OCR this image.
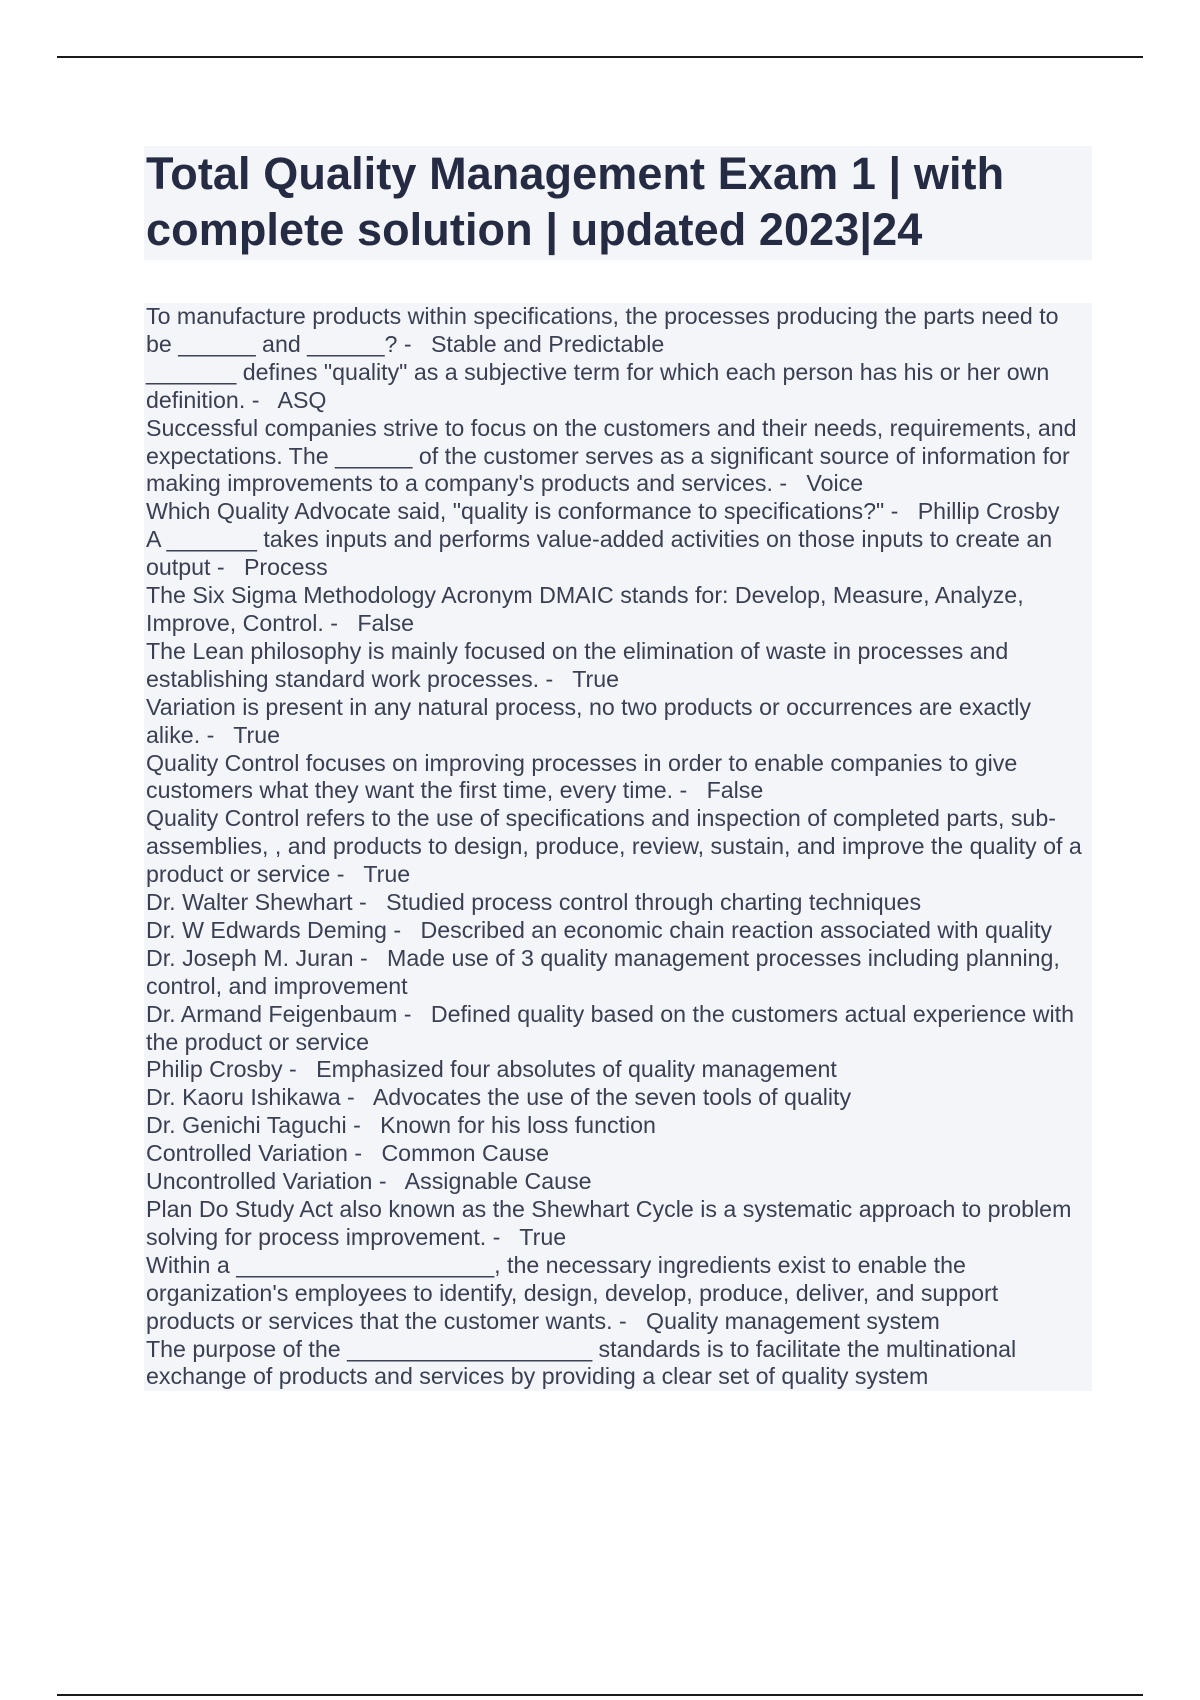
Total Quality Management Exam 1 | with complete solution | updated 2023|24

To manufacture products within specifications, the processes producing the parts need to be ______ and ______? -   Stable and Predictable

_______ defines "quality" as a subjective term for which each person has his or her own definition. -   ASQ

Successful companies strive to focus on the customers and their needs, requirements, and expectations. The ______ of the customer serves as a significant source of information for making improvements to a company's products and services. -   Voice

Which Quality Advocate said, "quality is conformance to specifications?" -   Phillip Crosby

A _______ takes inputs and performs value-added activities on those inputs to create an output -   Process

The Six Sigma Methodology Acronym DMAIC stands for: Develop, Measure, Analyze, Improve, Control. -   False

The Lean philosophy is mainly focused on the elimination of waste in processes and establishing standard work processes. -   True

Variation is present in any natural process, no two products or occurrences are exactly alike. -   True

Quality Control focuses on improving processes in order to enable companies to give customers what they want the first time, every time. -   False

Quality Control refers to the use of specifications and inspection of completed parts, sub-assemblies, , and products to design, produce, review, sustain, and improve the quality of a product or service -   True

Dr. Walter Shewhart -   Studied process control through charting techniques

Dr. W Edwards Deming -   Described an economic chain reaction associated with quality

Dr. Joseph M. Juran -   Made use of 3 quality management processes including planning, control, and improvement

Dr. Armand Feigenbaum -   Defined quality based on the customers actual experience with the product or service

Philip Crosby -   Emphasized four absolutes of quality management

Dr. Kaoru Ishikawa -   Advocates the use of the seven tools of quality

Dr. Genichi Taguchi -   Known for his loss function

Controlled Variation -   Common Cause

Uncontrolled Variation -   Assignable Cause

Plan Do Study Act also known as the Shewhart Cycle is a systematic approach to problem solving for process improvement. -   True

Within a ____________________, the necessary ingredients exist to enable the organization's employees to identify, design, develop, produce, deliver, and support products or services that the customer wants. -   Quality management system

The purpose of the ___________________ standards is to facilitate the multinational exchange of products and services by providing a clear set of quality system
